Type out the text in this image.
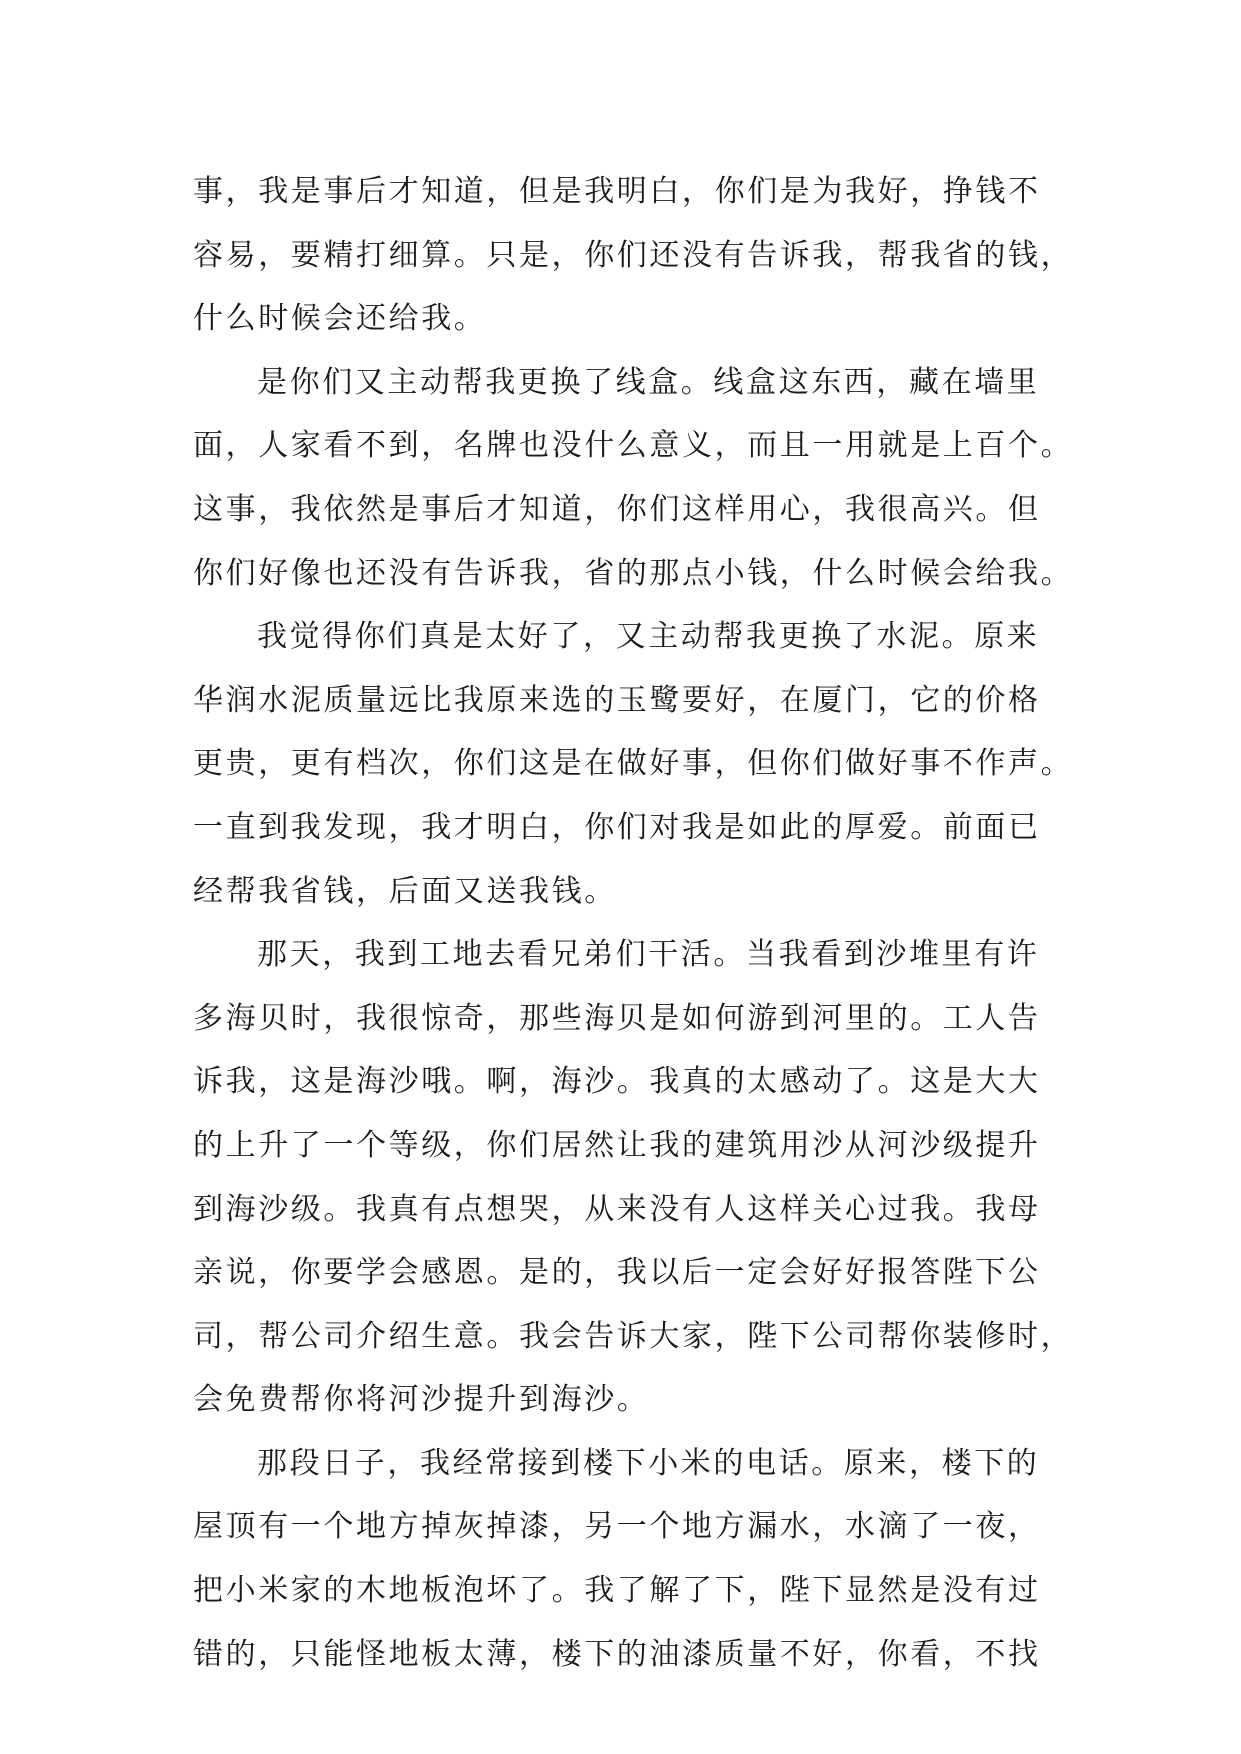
事，我是事后才知道，但是我明白，你们是为我好，挣钱不
容易，要精打细算。只是，你们还没有告诉我，帮我省的钱，
什么时候会还给我。
是你们又主动帮我更换了线盒。线盒这东西，藏在墙里
面，人家看不到，名牌也没什么意义，而且一用就是上百个。
这事，我依然是事后才知道，你们这样用心，我很高兴。但
你们好像也还没有告诉我，省的那点小钱，什么时候会给我。
我觉得你们真是太好了，又主动帮我更换了水泥。原来
华润水泥质量远比我原来选的玉鹭要好，在厦门，它的价格
更贵，更有档次，你们这是在做好事，但你们做好事不作声。
一直到我发现，我才明白，你们对我是如此的厚爱。前面已
经帮我省钱，后面又送我钱。
那天，我到工地去看兄弟们干活。当我看到沙堆里有许
多海贝时，我很惊奇，那些海贝是如何游到河里的。工人告
诉我，这是海沙哦。啊，海沙。我真的太感动了。这是大大
的上升了一个等级，你们居然让我的建筑用沙从河沙级提升
到海沙级。我真有点想哭，从来没有人这样关心过我。我母
亲说，你要学会感恩。是的，我以后一定会好好报答陛下公
司，帮公司介绍生意。我会告诉大家，陛下公司帮你装修时，
会免费帮你将河沙提升到海沙。
那段日子，我经常接到楼下小米的电话。原来，楼下的
屋顶有一个地方掉灰掉漆，另一个地方漏水，水滴了一夜，
把小米家的木地板泡坏了。我了解了下，陛下显然是没有过
错的，只能怪地板太薄，楼下的油漆质量不好，你看，不找
